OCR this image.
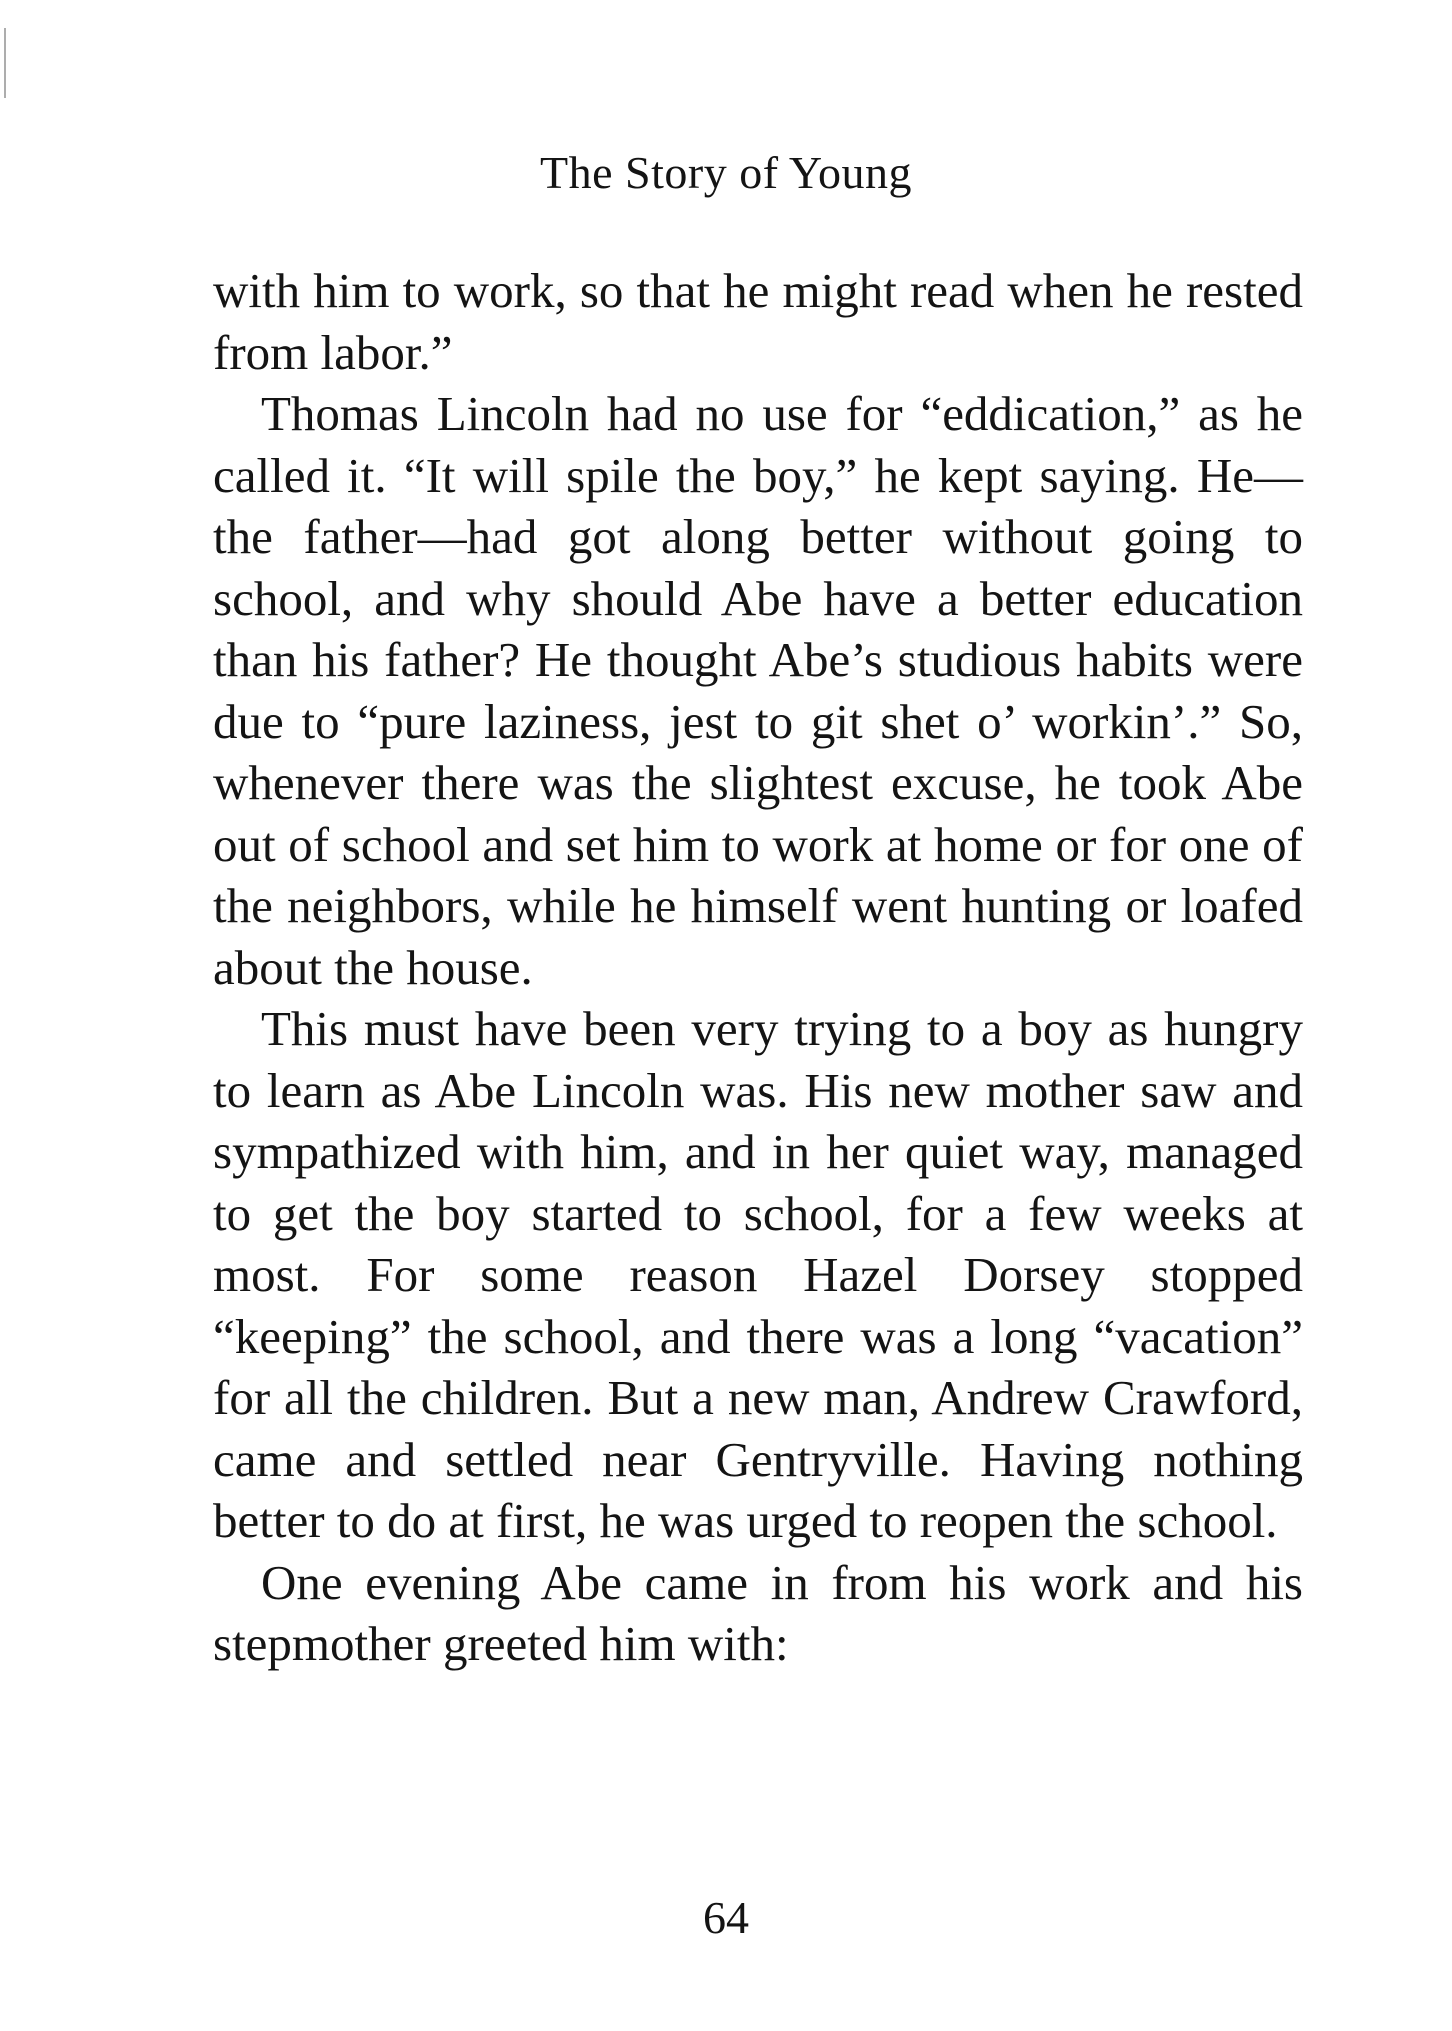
The Story of Young

with him to work, so that he might read when he rested from labor.”

Thomas Lincoln had no use for “eddication,” as he called it. “It will spile the boy,” he kept saying. He—the father—had got along better without going to school, and why should Abe have a better education than his father? He thought Abe’s studious habits were due to “pure laziness, jest to git shet o’ workin’.” So, whenever there was the slightest excuse, he took Abe out of school and set him to work at home or for one of the neighbors, while he himself went hunting or loafed about the house.

This must have been very trying to a boy as hungry to learn as Abe Lincoln was. His new mother saw and sympathized with him, and in her quiet way, managed to get the boy started to school, for a few weeks at most. For some reason Hazel Dorsey stopped “keeping” the school, and there was a long “vacation” for all the children. But a new man, Andrew Crawford, came and settled near Gentryville. Having nothing better to do at first, he was urged to reopen the school.

One evening Abe came in from his work and his stepmother greeted him with:

64
